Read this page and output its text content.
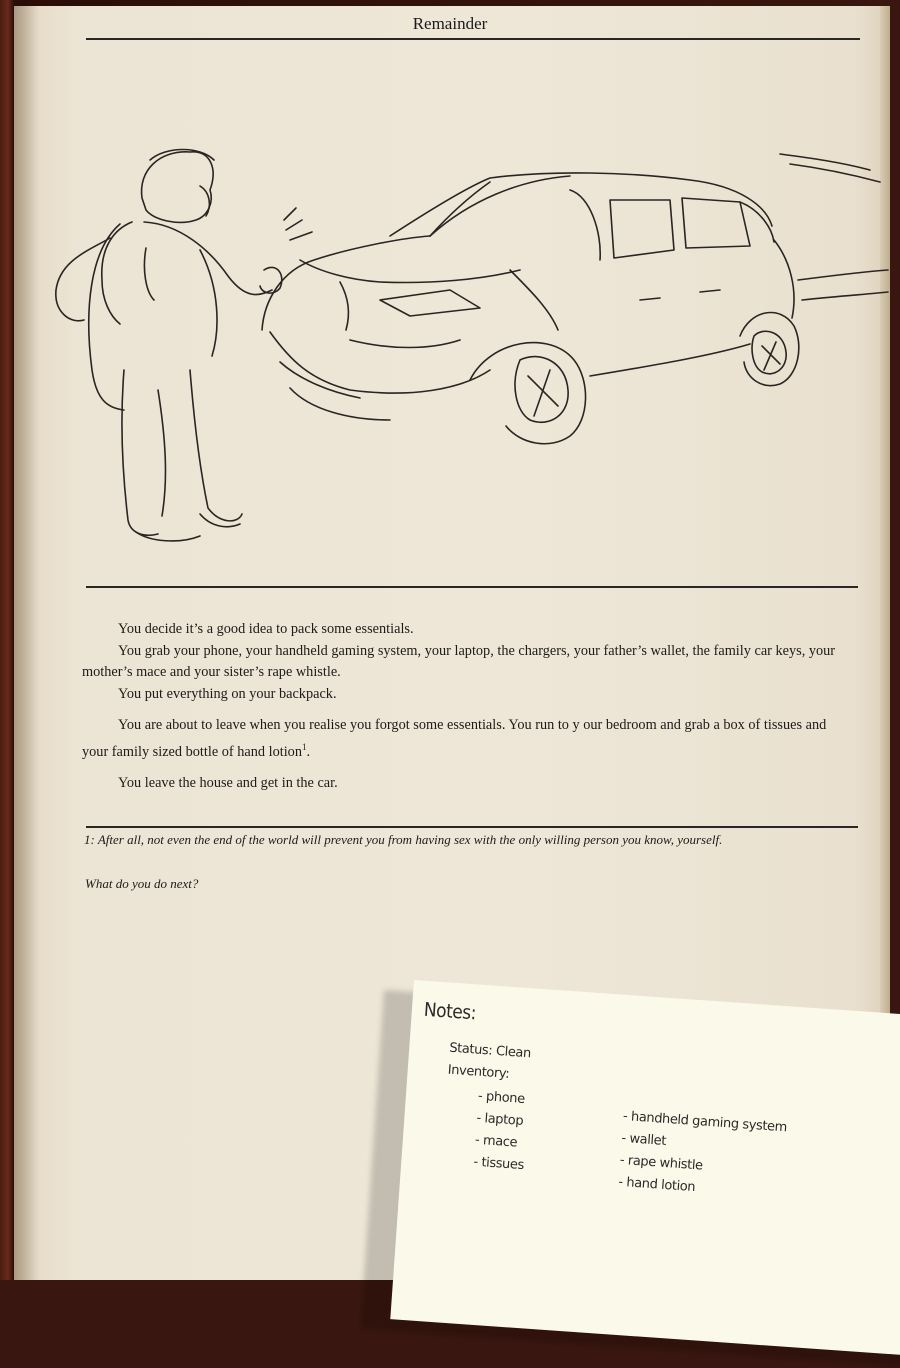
Remainder

You decide it’s a good idea to pack some essentials.

You grab your phone, your handheld gaming system, your laptop, the chargers, your father’s wallet, the family car keys, your mother’s mace and your sister’s rape whistle.

You put everything on your backpack.

You are about to leave when you realise you forgot some essentials. You run to y our bedroom and grab a box of tissues and your family sized bottle of hand lotion$^1$.

You leave the house and get in the car.

1: After all, not even the end of the world will prevent you from having sex with the only willing person you know, yourself.
What do you do next?
Notes:
Status: Clean
Inventory:
- phone
- laptop
- mace
- tissues
- handheld gaming system
- wallet
- rape whistle
- hand lotion
